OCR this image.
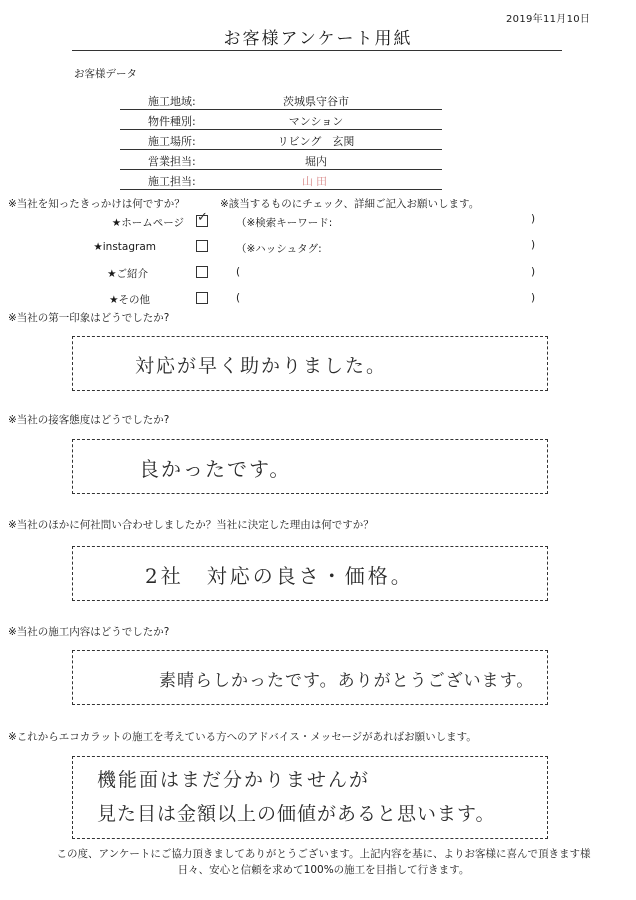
2019年11月10日
お客様アンケート用紙
お客様データ
施工地域:	茨城県守谷市
物件種別:	マンション
施工場所:	リビング　玄関
営業担当:	堀内
施工担当:	山田
※当社を知ったきっかけは何ですか？	※該当するものにチェック、詳細ご記入お願いします。
★ホームページ ✓	（※検索キーワード:	)
★instagram	（※ハッシュタグ:	)
★ご紹介	(	)
★その他	(	)
※当社の第一印象はどうでしたか?
対応が早く助かりました。
※当社の接客態度はどうでしたか?
良かったです。
※当社のほかに何社問い合わせしましたか？当社に決定した理由は何ですか？
2社　対応の良さ・価格。
※当社の施工内容はどうでしたか?
素晴らしかったです。ありがとうございます。
※これからエコカラットの施工を考えている方へのアドバイス・メッセージがあればお願いします。
機能面はまだ分かりませんが
見た目は金額以上の価値があると思います。
この度、アンケートにご協力頂きましてありがとうございます。上記内容を基に、よりお客様に喜んで頂きます様
日々、安心と信頼を求めて100%の施工を目指して行きます。
